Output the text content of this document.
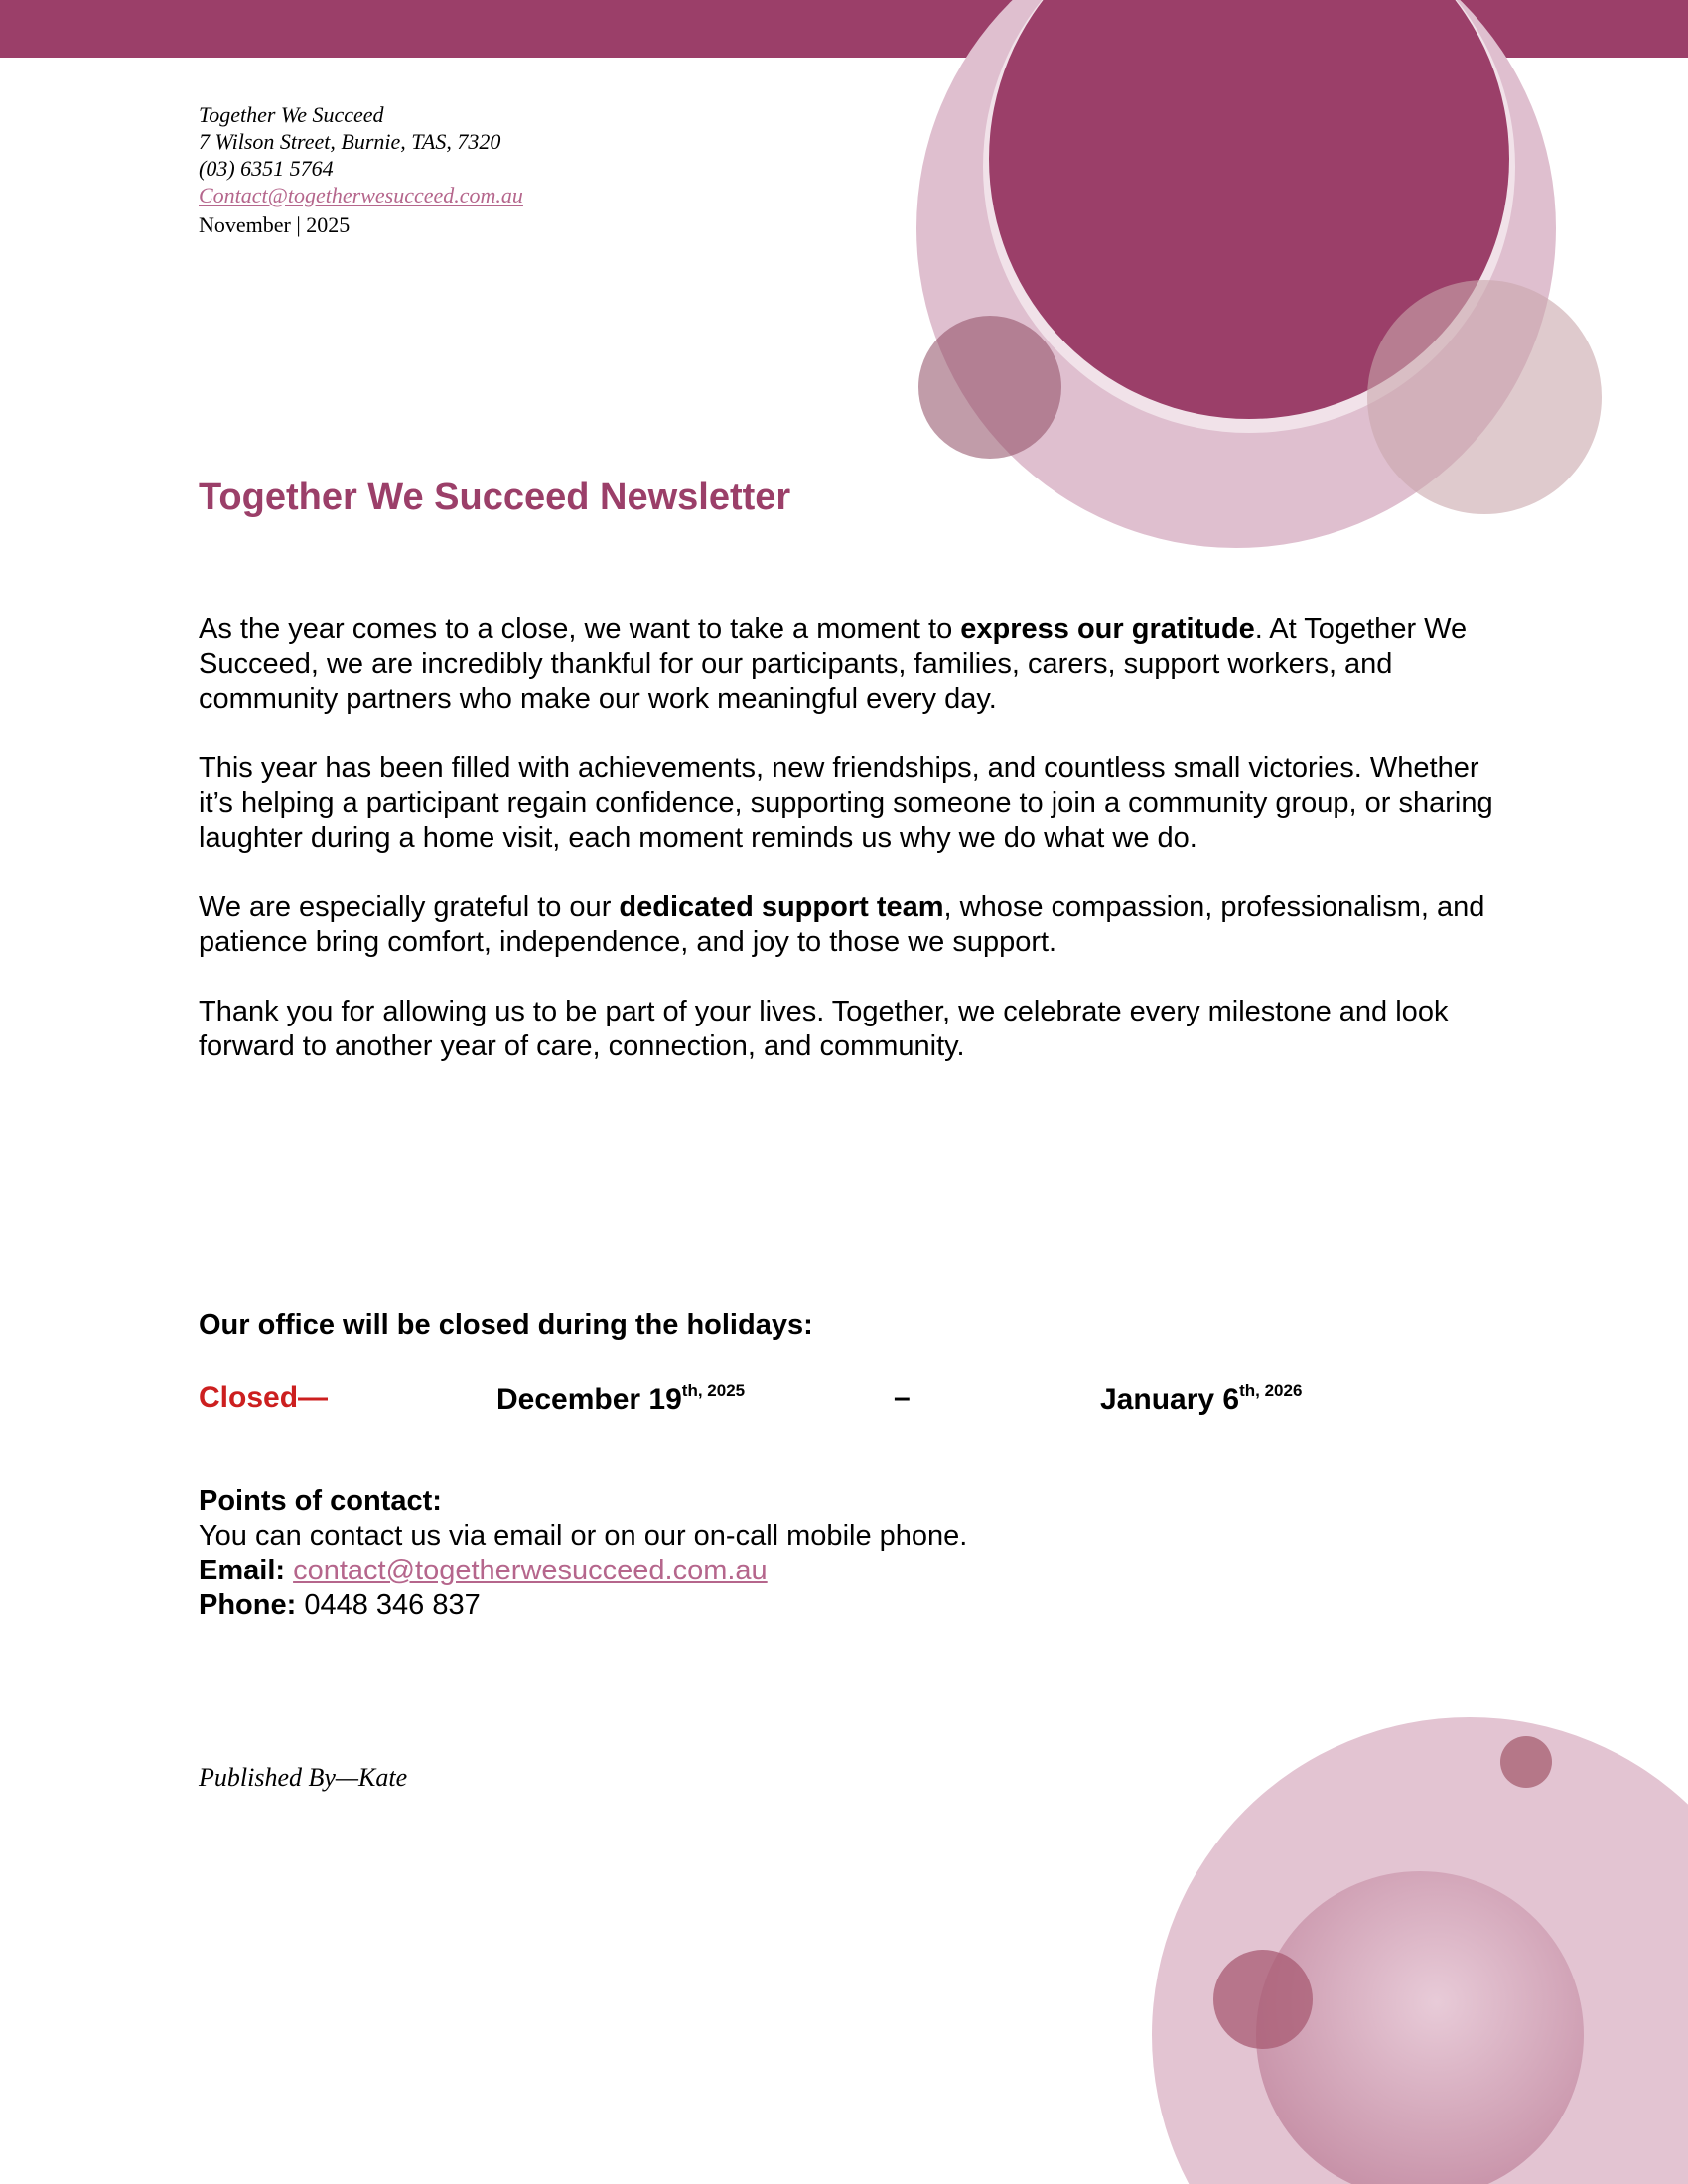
Together We Succeed
7 Wilson Street, Burnie, TAS, 7320
(03) 6351 5764
Contact@togetherwesucceed.com.au
November | 2025
Together We Succeed Newsletter

As the year comes to a close, we want to take a moment to express our gratitude. At Together We Succeed, we are incredibly thankful for our participants, families, carers, support workers, and community partners who make our work meaningful every day.

This year has been filled with achievements, new friendships, and countless small victories. Whether it’s helping a participant regain confidence, supporting someone to join a community group, or sharing laughter during a home visit, each moment reminds us why we do what we do.

We are especially grateful to our dedicated support team, whose compassion, professionalism, and patience bring comfort, independence, and joy to those we support.

Thank you for allowing us to be part of your lives. Together, we celebrate every milestone and look forward to another year of care, connection, and community.

Our office will be closed during the holidays:
Closed—	December $19^{th, 2025}$	–	January $6^{th, 2026}$
Points of contact:
You can contact us via email or on our on-call mobile phone.
Email: contact@togetherwesucceed.com.au
Phone: 0448 346 837
Published By—Kate
